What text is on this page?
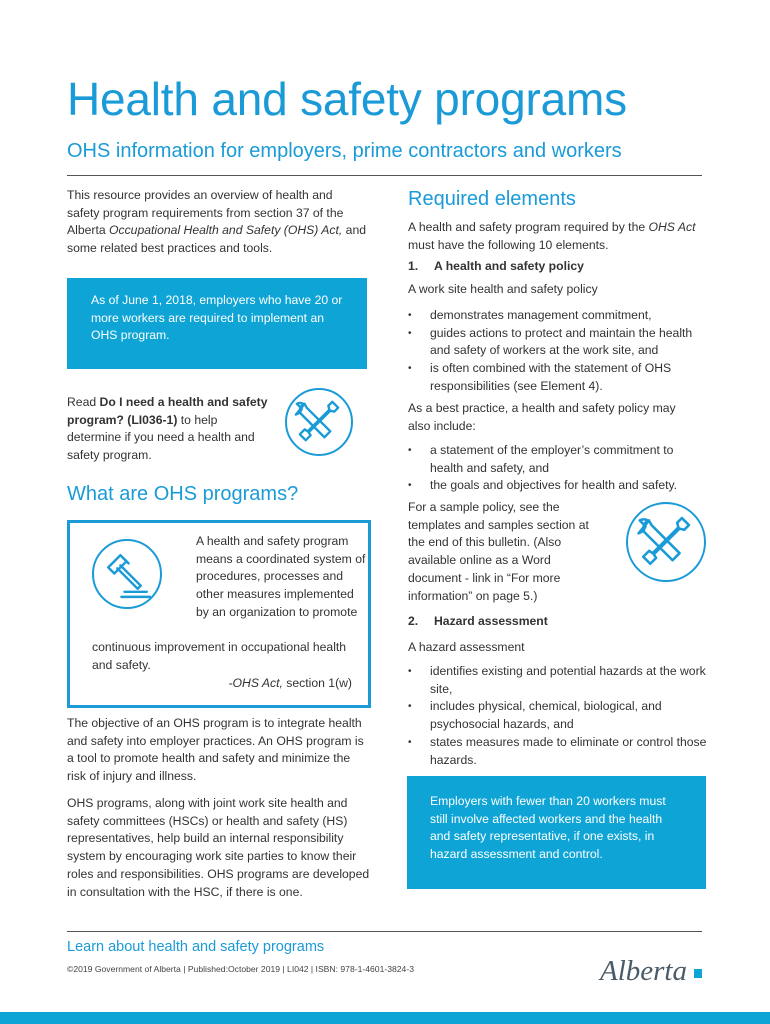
Health and safety programs
OHS information for employers, prime contractors and workers
This resource provides an overview of health and safety program requirements from section 37 of the Alberta Occupational Health and Safety (OHS) Act, and some related best practices and tools.
As of June 1, 2018, employers who have 20 or more workers are required to implement an OHS program.
Read Do I need a health and safety program? (LI036-1) to help determine if you need a health and safety program.
What are OHS programs?
A health and safety program means a coordinated system of procedures, processes and other measures implemented by an organization to promote
continuous improvement in occupational health and safety.
-OHS Act, section 1(w)
The objective of an OHS program is to integrate health and safety into employer practices. An OHS program is a tool to promote health and safety and minimize the risk of injury and illness.
OHS programs, along with joint work site health and safety committees (HSCs) or health and safety (HS) representatives, help build an internal responsibility system by encouraging work site parties to know their roles and responsibilities. OHS programs are developed in consultation with the HSC, if there is one.
Required elements
A health and safety program required by the OHS Act must have the following 10 elements.
1. A health and safety policy
A work site health and safety policy
• demonstrates management commitment,
• guides actions to protect and maintain the health and safety of workers at the work site, and
• is often combined with the statement of OHS responsibilities (see Element 4).
As a best practice, a health and safety policy may also include:
• a statement of the employer’s commitment to health and safety, and
• the goals and objectives for health and safety.
For a sample policy, see the templates and samples section at the end of this bulletin. (Also available online as a Word document - link in “For more information” on page 5.)
2. Hazard assessment
A hazard assessment
• identifies existing and potential hazards at the work site,
• includes physical, chemical, biological, and psychosocial hazards, and
• states measures made to eliminate or control those hazards.
Employers with fewer than 20 workers must still involve affected workers and the health and safety representative, if one exists, in hazard assessment and control.
Learn about health and safety programs
©2019 Government of Alberta | Published:October 2019 | LI042 | ISBN: 978-1-4601-3824-3	Alberta
